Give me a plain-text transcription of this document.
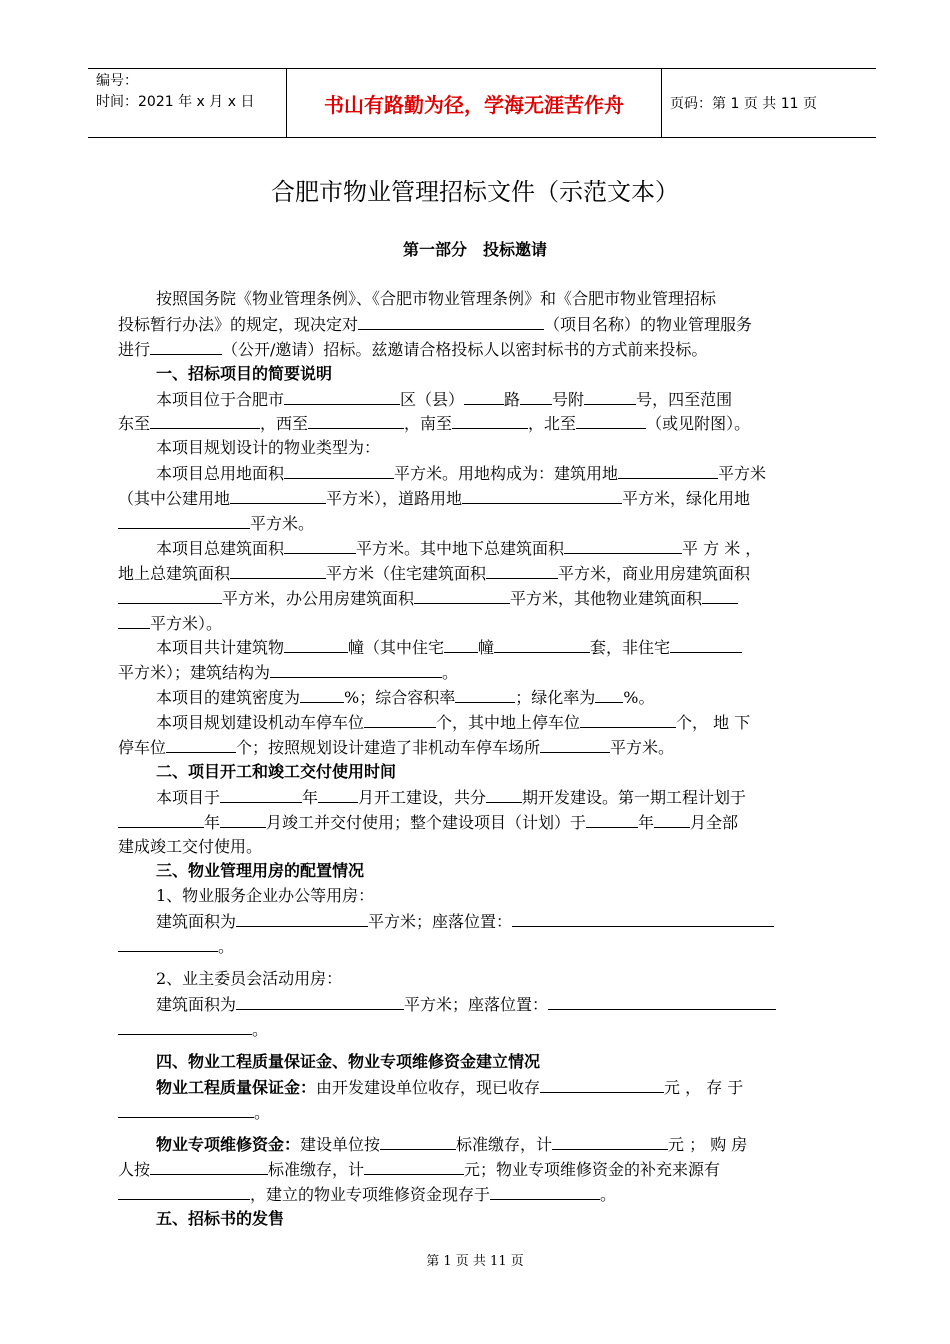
编号：
时间：2021 年 x 月 x 日	书山有路勤为径，学海无涯苦作舟	页码：第 1 页 共 11 页
合肥市物业管理招标文件（示范文本）
第一部分　投标邀请
按照国务院《物业管理条例》、《合肥市物业管理条例》和《合肥市物业管理招标
投标暂行办法》的规定，现决定对	（项目名称）的物业管理服务
进行	（公开/邀请）招标。兹邀请合格投标人以密封标书的方式前来投标。
一、招标项目的简要说明
本项目位于合肥市	区（县）	路 号附	号，四至范围
东至	，西至	，南至	，北至	（或见附图）。
本项目规划设计的物业类型为：
本项目总用地面积	平方米。用地构成为：建筑用地	平方米
（其中公建用地	平方米），道路用地	平方米，绿化用地
平方米。
本项目总建筑面积	平方米。其中地下总建筑面积	平 方 米 ，
地上总建筑面积	平方米（住宅建筑面积	平方米，商业用房建筑面积
平方米，办公用房建筑面积	平方米，其他物业建筑面积
平方米）。
本项目共计建筑物	幢（其中住宅 幢	套，非住宅
平方米）；建筑结构为	。
本项目的建筑密度为	%；综合容积率	；绿化率为 %。
本项目规划建设机动车停车位	个，其中地上停车位	个， 地 下
停车位	个；按照规划设计建造了非机动车停车场所	平方米。
二、项目开工和竣工交付使用时间
本项目于	年	月开工建设，共分 期开发建设。第一期工程计划于
年	月竣工并交付使用；整个建设项目（计划）于	年 月全部
建成竣工交付使用。
三、物业管理用房的配置情况
1、物业服务企业办公等用房：
建筑面积为	平方米；座落位置：
。
2、业主委员会活动用房：
建筑面积为	平方米；座落位置：
。
四、物业工程质量保证金、物业专项维修资金建立情况
物业工程质量保证金：由开发建设单位收存，现已收存	元 ， 存 于
。
物业专项维修资金：建设单位按	标准缴存，计	元 ； 购 房
人按	标准缴存，计	元；物业专项维修资金的补充来源有
，建立的物业专项维修资金现存于	。
五、招标书的发售
第 1 页 共 11 页
